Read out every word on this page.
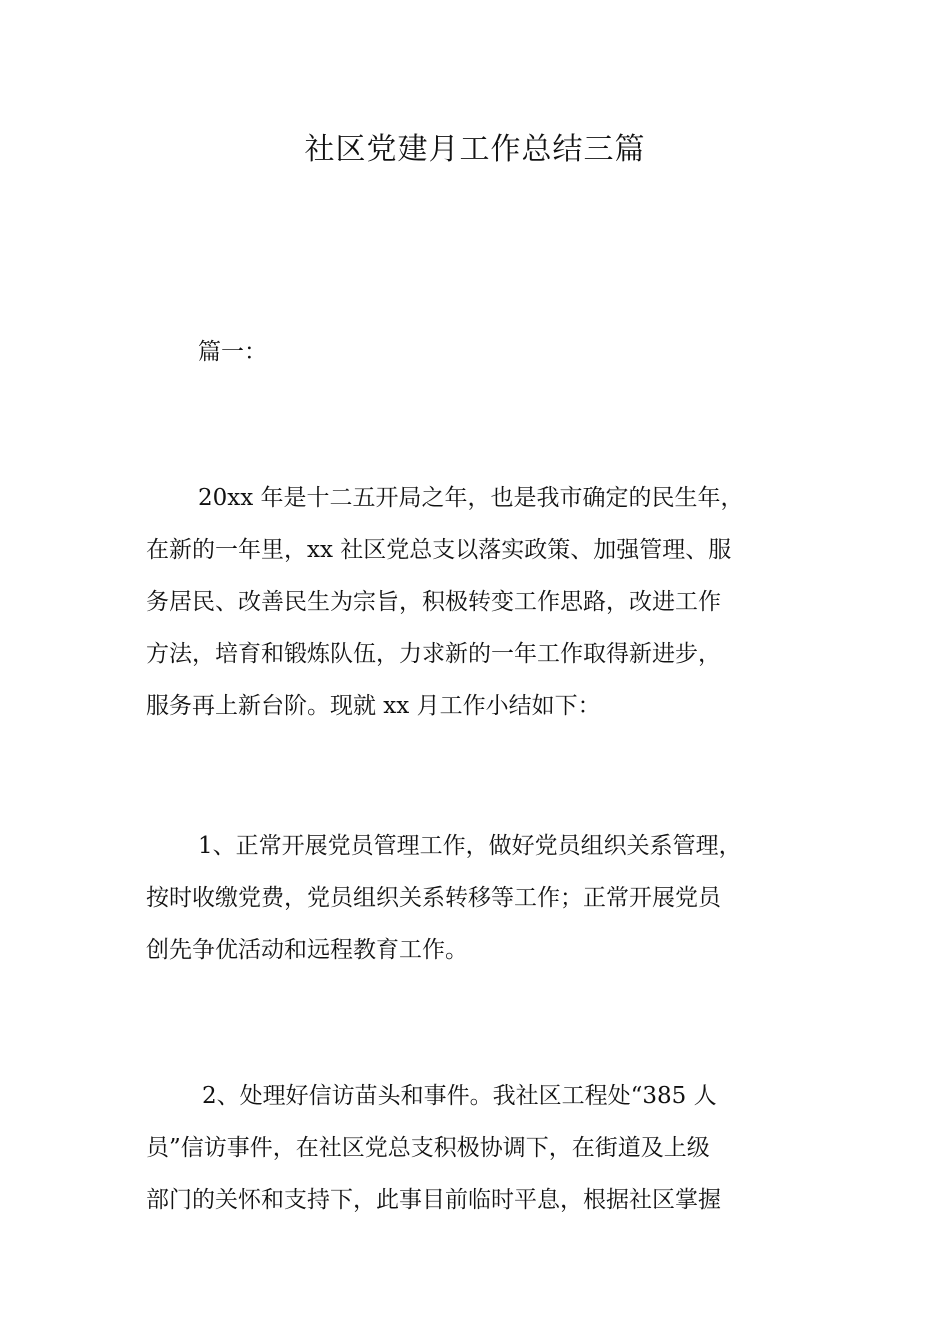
社区党建月工作总结三篇

篇一：

20xx 年是十二五开局之年，也是我市确定的民生年，
在新的一年里，xx 社区党总支以落实政策、加强管理、服
务居民、改善民生为宗旨，积极转变工作思路，改进工作
方法，培育和锻炼队伍，力求新的一年工作取得新进步，
服务再上新台阶。现就 xx 月工作小结如下：
1、正常开展党员管理工作，做好党员组织关系管理，
按时收缴党费，党员组织关系转移等工作；正常开展党员
创先争优活动和远程教育工作。
2、处理好信访苗头和事件。我社区工程处“385 人
员”信访事件，在社区党总支积极协调下，在街道及上级
部门的关怀和支持下，此事目前临时平息，根据社区掌握
